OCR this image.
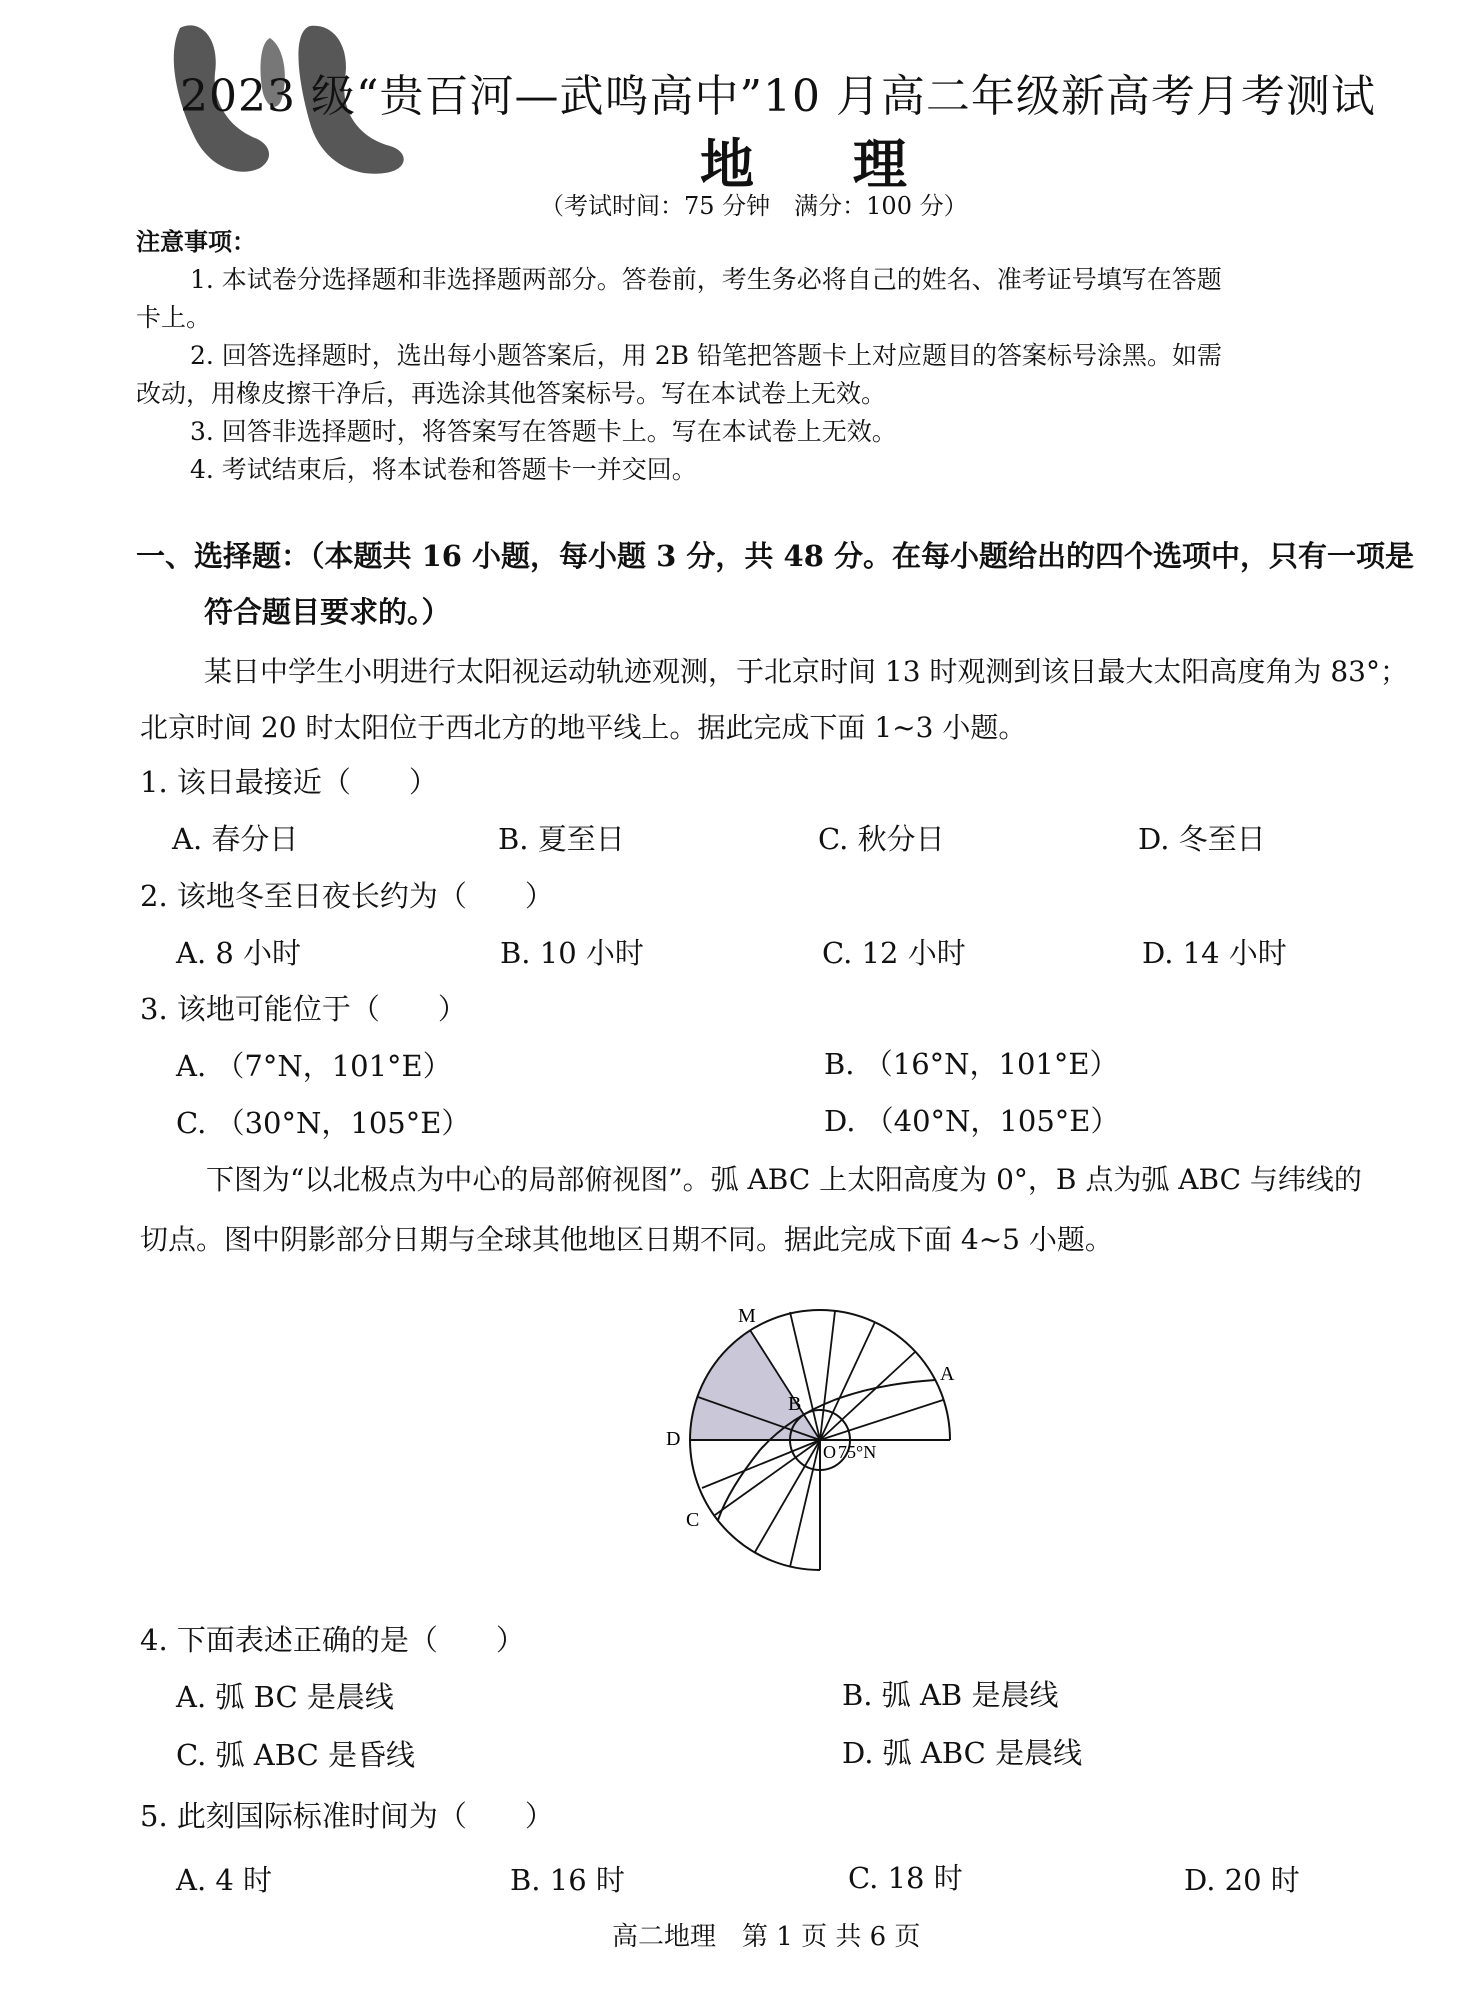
2023 级“贵百河—武鸣高中”10 月高二年级新高考月考测试
地 理
（考试时间：75 分钟　满分：100 分）
注意事项：
1. 本试卷分选择题和非选择题两部分。答卷前，考生务必将自己的姓名、准考证号填写在答题
卡上。
2. 回答选择题时，选出每小题答案后，用 2B 铅笔把答题卡上对应题目的答案标号涂黑。如需
改动，用橡皮擦干净后，再选涂其他答案标号。写在本试卷上无效。
3. 回答非选择题时，将答案写在答题卡上。写在本试卷上无效。
4. 考试结束后，将本试卷和答题卡一并交回。
一、选择题：（本题共 16 小题，每小题 3 分，共 48 分。在每小题给出的四个选项中，只有一项是
符合题目要求的。）
某日中学生小明进行太阳视运动轨迹观测，于北京时间 13 时观测到该日最大太阳高度角为 83°；
北京时间 20 时太阳位于西北方的地平线上。据此完成下面 1~3 小题。
1. 该日最接近（　　）
A. 春分日	B. 夏至日	C. 秋分日	D. 冬至日
2. 该地冬至日夜长约为（　　）
A. 8 小时	B. 10 小时	C. 12 小时	D. 14 小时
3. 该地可能位于（　　）
A. （7°N，101°E）	B. （16°N，101°E）
C. （30°N，105°E）	D. （40°N，105°E）
下图为“以北极点为中心的局部俯视图”。弧 ABC 上太阳高度为 0°，B 点为弧 ABC 与纬线的
切点。图中阴影部分日期与全球其他地区日期不同。据此完成下面 4~5 小题。
M
A
B
D
C
O 75°N
4. 下面表述正确的是（　　）
A. 弧 BC 是晨线	B. 弧 AB 是晨线
C. 弧 ABC 是昏线	D. 弧 ABC 是晨线
5. 此刻国际标准时间为（　　）
A. 4 时	B. 16 时	C. 18 时	D. 20 时
高二地理　第 1 页 共 6 页
